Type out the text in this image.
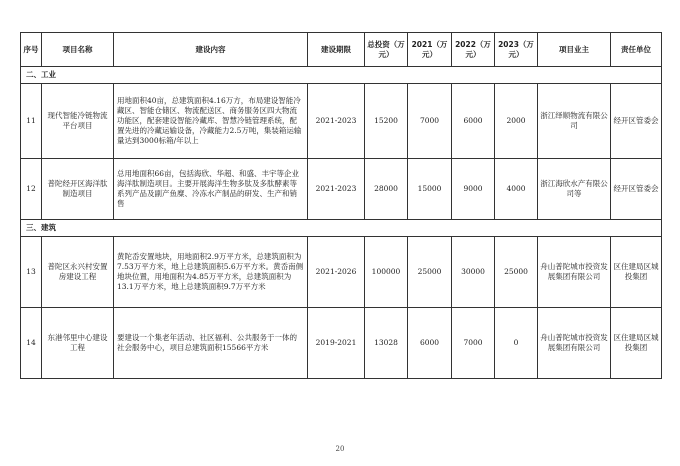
序号	项目名称	建设内容	建设期限	总投资（万元）	2021（万元）	2022（万元）	2023（万元）	项目业主	责任单位
二、工业									
11	现代智能冷链物流平台项目	用地面积40亩，总建筑面积4.16万方，布局建设智能冷藏区、智能仓储区、物流配送区、商务服务区四大物流功能区，配套建设智能冷藏库、智慧冷链管理系统，配置先进的冷藏运输设备，冷藏能力2.5万吨，集装箱运输量达到3000标箱/年以上	2021-2023	15200	7000	6000	2000	浙江绎顺物流有限公司	经开区管委会
12	普陀经开区海洋肽制造项目	总用地面积66亩，包括海欣、华超、和盛、丰宇等企业海洋肽制造项目。主要开展海洋生物多肽及多肽酵素等系列产品及副产鱼糜、冷冻水产制品的研发、生产和销售	2021-2023	28000	15000	9000	4000	浙江海欣水产有限公司等	经开区管委会
三、建筑									
13	普陀区永兴村安置房建设工程	黄陀岙安置地块，用地面积2.9万平方米，总建筑面积为7.53万平方米，地上总建筑面积5.6万平方米。黄岙南侧地块位置，用地面积为4.85万平方米，总建筑面积为13.1万平方米，地上总建筑面积9.7万平方米	2021-2026	100000	25000	30000	25000	舟山普陀城市投资发展集团有限公司	区住建局区城投集团
14	东港邻里中心建设工程	要建设一个集老年活动、社区福利、公共服务于一体的社会服务中心，项目总建筑面积15566平方米	2019-2021	13028	6000	7000	0	舟山普陀城市投资发展集团有限公司	区住建局区城投集团
20
